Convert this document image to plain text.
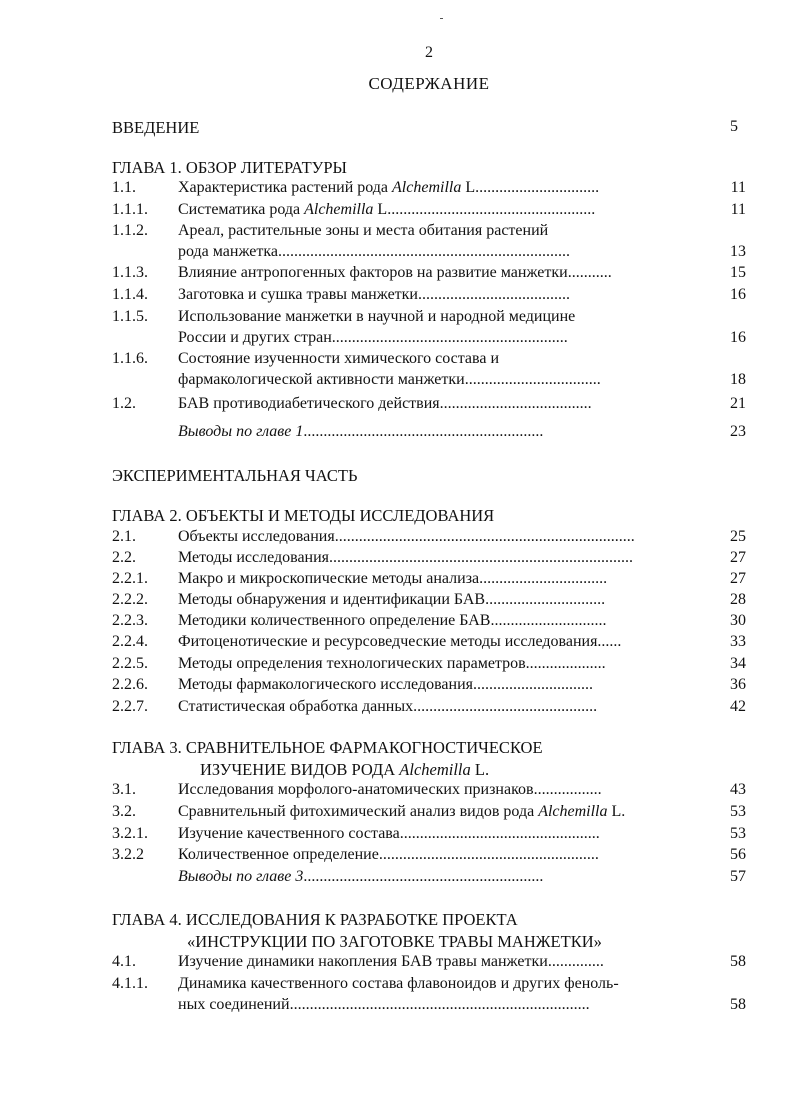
2
СОДЕРЖАНИЕ
ВВЕДЕНИЕ	5
ГЛАВА 1. ОБЗОР ЛИТЕРАТУРЫ
1.1.	Характеристика растений рода Alchemilla L...............................	11
1.1.1. Систематика рода Alchemilla L....................................................	11
1.1.2. Ареал, растительные зоны и места обитания растений
рода манжетка.........................................................................	13
1.1.3. Влияние антропогенных факторов на развитие манжетки...........	15
1.1.4. Заготовка и сушка травы манжетки......................................	16
1.1.5. Использование манжетки в научной и народной медицине
России и других стран...........................................................	16
1.1.6. Состояние изученности химического состава и
фармакологической активности манжетки..................................	18
1.2.	БАВ противодиабетического действия......................................	21
Выводы по главе 1............................................................	23
ЭКСПЕРИМЕНТАЛЬНАЯ ЧАСТЬ
ГЛАВА 2. ОБЪЕКТЫ И МЕТОДЫ ИССЛЕДОВАНИЯ
2.1.	Объекты исследования...........................................................................	25
2.2.	Методы исследования............................................................................	27
2.2.1. Макро и микроскопические методы анализа................................	27
2.2.2. Методы обнаружения и идентификации БАВ..............................	28
2.2.3. Методики количественного определение БАВ.............................	30
2.2.4. Фитоценотические и ресурсоведческие методы исследования......	33
2.2.5. Методы определения технологических параметров....................	34
2.2.6. Методы фармакологического исследования..............................	36
2.2.7. Статистическая обработка данных..............................................	42
ГЛАВА 3. СРАВНИТЕЛЬНОЕ ФАРМАКОГНОСТИЧЕСКОЕ
ИЗУЧЕНИЕ ВИДОВ РОДА Alchemilla L.
3.1.	Исследования морфолого-анатомических признаков.................	43
3.2.	Сравнительный фитохимический анализ видов рода Alchemilla L.	53
3.2.1. Изучение качественного состава..................................................	53
3.2.2 Количественное определение.......................................................	56
Выводы по главе 3............................................................	57
ГЛАВА 4. ИССЛЕДОВАНИЯ К РАЗРАБОТКЕ ПРОЕКТА
«ИНСТРУКЦИИ ПО ЗАГОТОВКЕ ТРАВЫ МАНЖЕТКИ»
4.1.	Изучение динамики накопления БАВ травы манжетки..............	58
4.1.1. Динамика качественного состава флавоноидов и других феноль-
ных соединений...........................................................................	58
